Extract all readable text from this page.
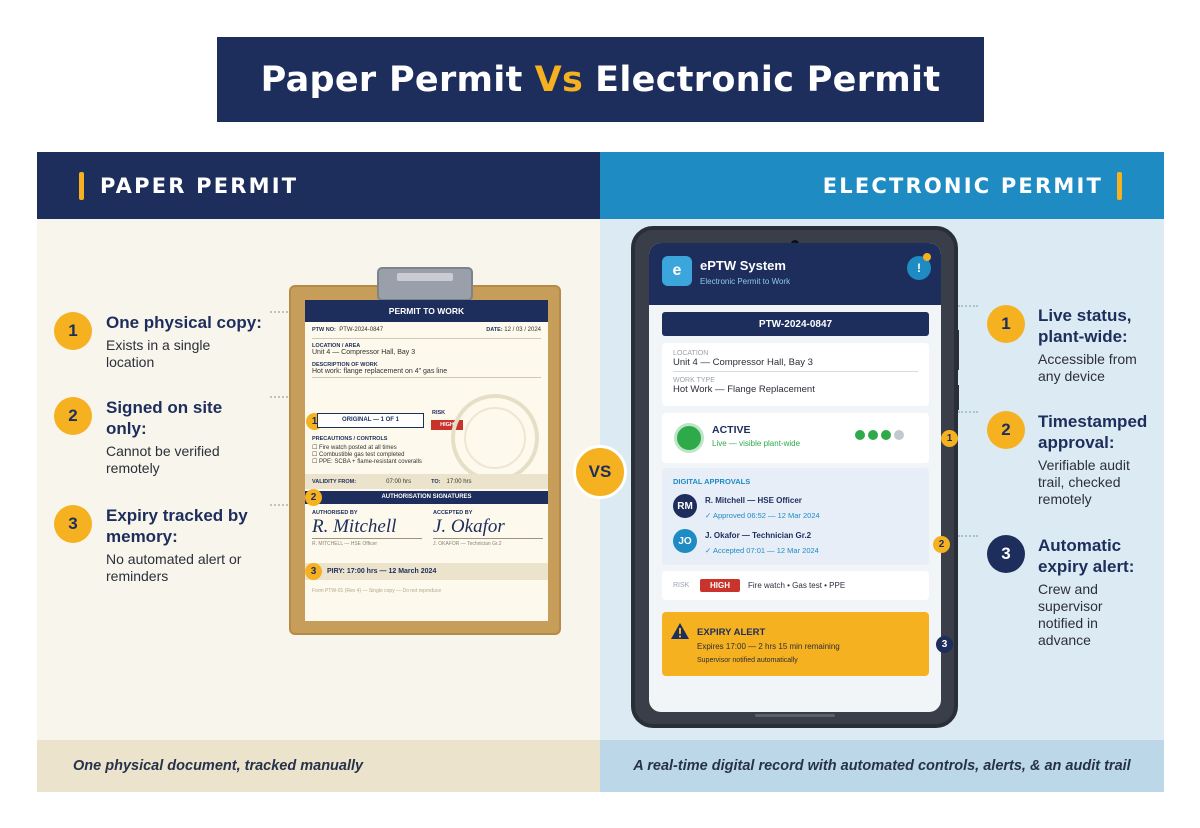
Paper Permit Vs Electronic Permit
PAPER PERMIT	ELECTRONIC PERMIT
1	One physical copy:
Exists in a single location
2	Signed on site only:
Cannot be verified remotely
3	Expiry tracked by memory:
No automated alert or reminders
PERMIT TO WORK
PTW NO: PTW-2024-0847	DATE: 12 / 03 / 2024
LOCATION / AREA
Unit 4 — Compressor Hall, Bay 3
DESCRIPTION OF WORK
Hot work: flange replacement on 4" gas line
1	ORIGINAL — 1 OF 1
RISK
HIGH
PRECAUTIONS / CONTROLS
☐ Fire watch posted at all times
☐ Combustible gas test completed
☐ PPE: SCBA + flame-resistant coveralls
VALIDITY FROM:	07:00 hrs	TO: 17:00 hrs
AUTHORISATION SIGNATURES
2
AUTHORISED BY
R. Mitchell
R. MITCHELL — HSE Officer
ACCEPTED BY
J. Okafor
J. OKAFOR — Technician Gr.2
PIRY: 17:00 hrs — 12 March 2024
3
Form PTW-01 (Rev 4) — Single copy — Do not reproduce
VS
e	ePTW System
Electronic Permit to Work
!
PTW-2024-0847
LOCATION
Unit 4 — Compressor Hall, Bay 3
WORK TYPE
Hot Work — Flange Replacement
ACTIVE
Live — visible plant-wide	1
DIGITAL APPROVALS
RM	R. Mitchell — HSE Officer
✓ Approved 06:52 — 12 Mar 2024
JO	J. Okafor — Technician Gr.2
✓ Accepted 07:01 — 12 Mar 2024
2
RISK	HIGH	Fire watch • Gas test • PPE
EXPIRY ALERT
Expires 17:00 — 2 hrs 15 min remaining
Supervisor notified automatically
3
1	Live status, plant-wide:
Accessible from any device
2	Timestamped approval:
Verifiable audit trail, checked remotely
3	Automatic expiry alert:
Crew and supervisor notified in advance
One physical document, tracked manually	A real-time digital record with automated controls, alerts, & an audit trail
